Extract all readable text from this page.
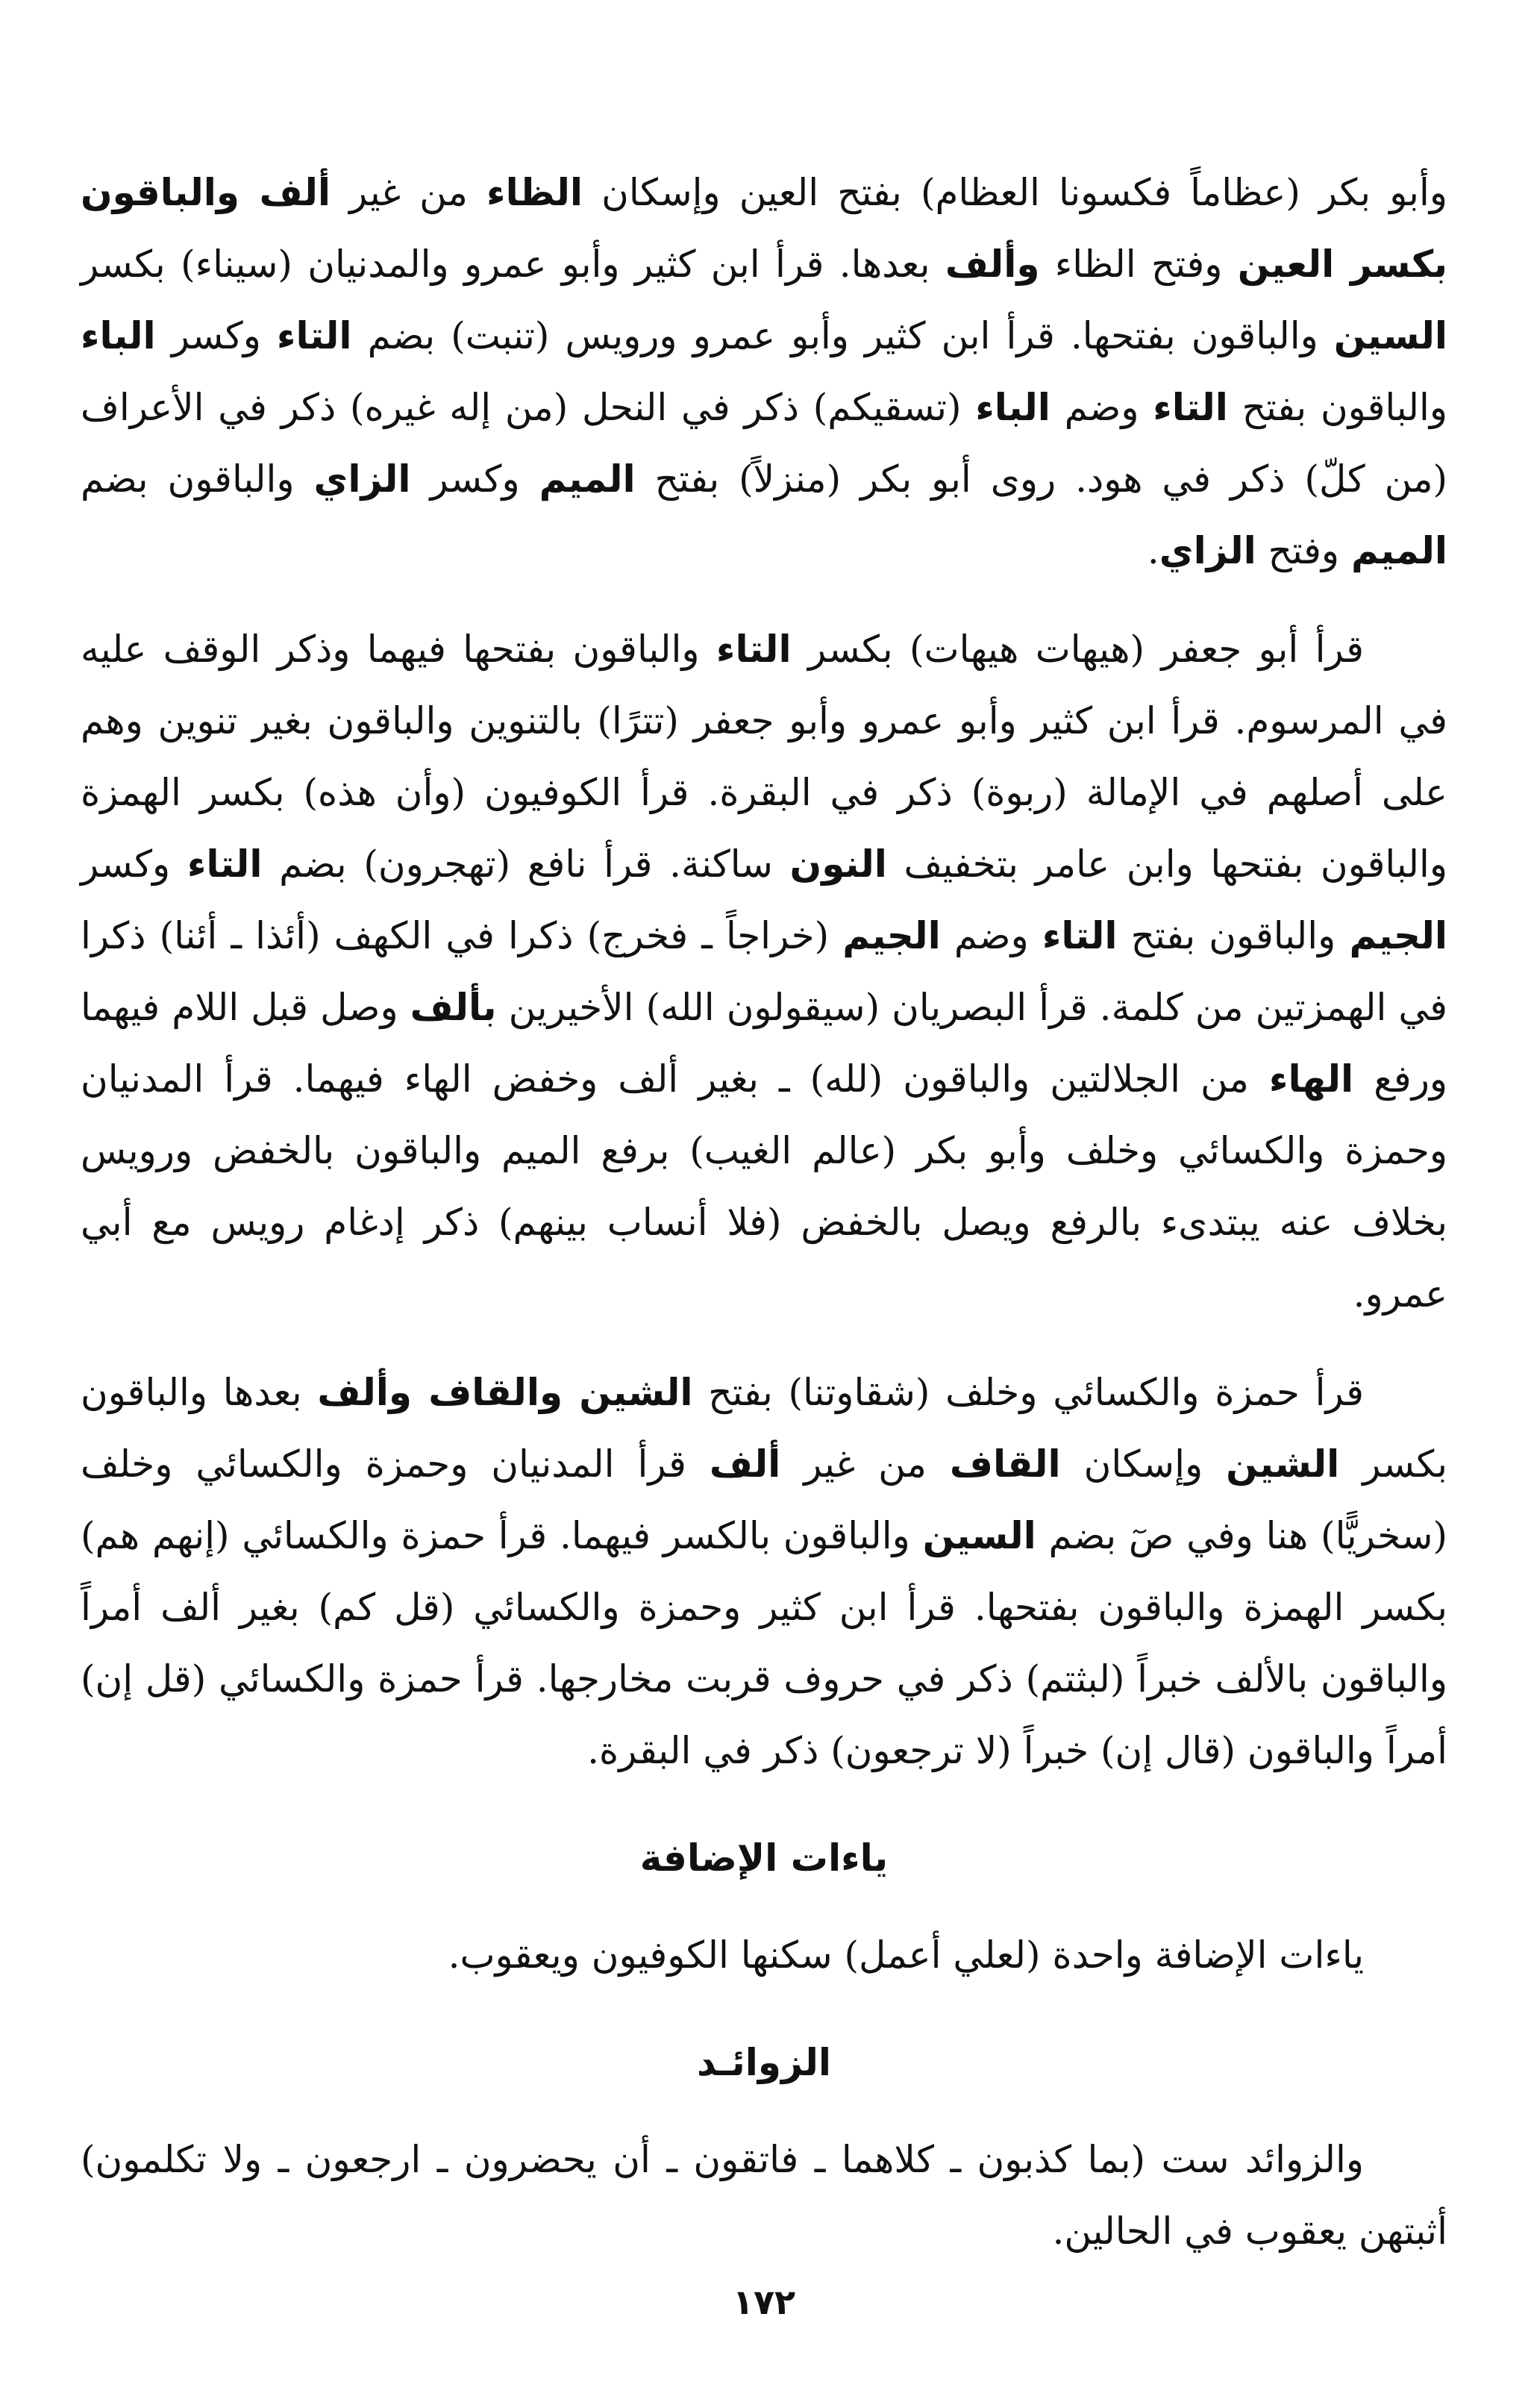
وأبو بكر (عظاماً فكسونا العظام) بفتح العين وإسكان الظاء من غير ألف والباقون بكسر العين وفتح الظاء وألف بعدها. قرأ ابن كثير وأبو عمرو والمدنيان (سيناء) بكسر السين والباقون بفتحها. قرأ ابن كثير وأبو عمرو ورويس (تنبت) بضم التاء وكسر الباء والباقون بفتح التاء وضم الباء (تسقيكم) ذكر في النحل (من إله غيره) ذكر في الأعراف (من كلّ) ذكر في هود. روى أبو بكر (منزلاً) بفتح الميم وكسر الزاي والباقون بضم الميم وفتح الزاي.

قرأ أبو جعفر (هيهات هيهات) بكسر التاء والباقون بفتحها فيهما وذكر الوقف عليه في المرسوم. قرأ ابن كثير وأبو عمرو وأبو جعفر (تترًا) بالتنوين والباقون بغير تنوين وهم على أصلهم في الإمالة (ربوة) ذكر في البقرة. قرأ الكوفيون (وأن هذه) بكسر الهمزة والباقون بفتحها وابن عامر بتخفيف النون ساكنة. قرأ نافع (تهجرون) بضم التاء وكسر الجيم والباقون بفتح التاء وضم الجيم (خراجاً ـ فخرج) ذكرا في الكهف (أئذا ـ أئنا) ذكرا في الهمزتين من كلمة. قرأ البصريان (سيقولون الله) الأخيرين بألف وصل قبل اللام فيهما ورفع الهاء من الجلالتين والباقون (لله) ـ بغير ألف وخفض الهاء فيهما. قرأ المدنيان وحمزة والكسائي وخلف وأبو بكر (عالم الغيب) برفع الميم والباقون بالخفض ورويس بخلاف عنه يبتدىء بالرفع ويصل بالخفض (فلا أنساب بينهم) ذكر إدغام رويس مع أبي عمرو.

قرأ حمزة والكسائي وخلف (شقاوتنا) بفتح الشين والقاف وألف بعدها والباقون بكسر الشين وإسكان القاف من غير ألف قرأ المدنيان وحمزة والكسائي وخلف (سخريًّا) هنا وفي صٓ بضم السين والباقون بالكسر فيهما. قرأ حمزة والكسائي (إنهم هم) بكسر الهمزة والباقون بفتحها. قرأ ابن كثير وحمزة والكسائي (قل كم) بغير ألف أمراً والباقون بالألف خبراً (لبثتم) ذكر في حروف قربت مخارجها. قرأ حمزة والكسائي (قل إن) أمراً والباقون (قال إن) خبراً (لا ترجعون) ذكر في البقرة.

ياءات الإضافة

ياءات الإضافة واحدة (لعلي أعمل) سكنها الكوفيون ويعقوب.

الزوائـد

والزوائد ست (بما كذبون ـ كلاهما ـ فاتقون ـ أن يحضرون ـ ارجعون ـ ولا تكلمون) أثبتهن يعقوب في الحالين.

١٧٢
